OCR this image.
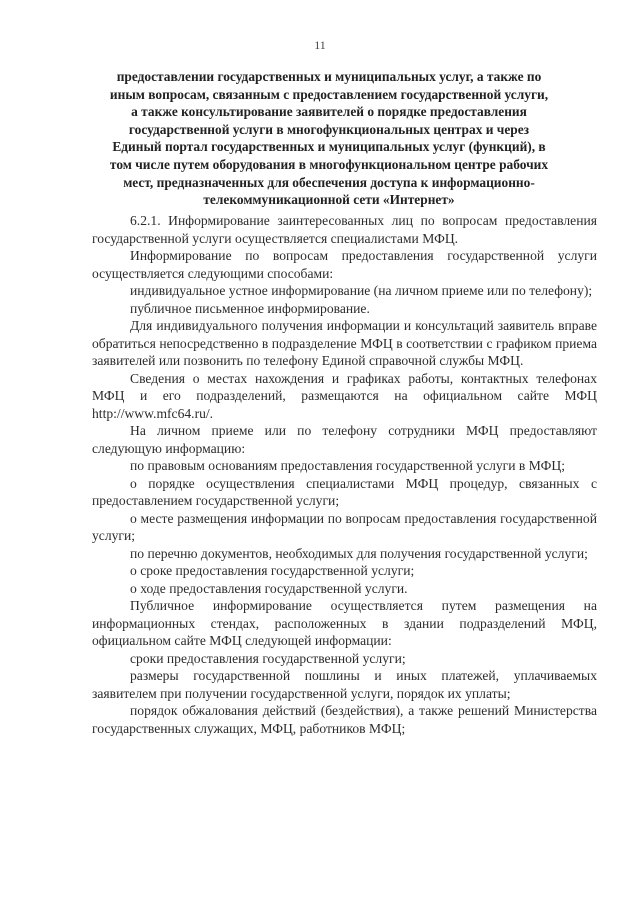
11
предоставлении государственных и муниципальных услуг, а также по
иным вопросам, связанным с предоставлением государственной услуги,
а также консультирование заявителей о порядке предоставления
государственной услуги в многофункциональных центрах и через
Единый портал государственных и муниципальных услуг (функций), в
том числе путем оборудования в многофункциональном центре рабочих
мест, предназначенных для обеспечения доступа к информационно-
телекоммуникационной сети «Интернет»

6.2.1. Информирование заинтересованных лиц по вопросам предоставления государственной услуги осуществляется специалистами МФЦ.

Информирование по вопросам предоставления государственной услуги осуществляется следующими способами:

индивидуальное устное информирование (на личном приеме или по телефону);

публичное письменное информирование.

Для индивидуального получения информации и консультаций заявитель вправе обратиться непосредственно в подразделение МФЦ в соответствии с графиком приема заявителей или позвонить по телефону Единой справочной службы МФЦ.

Сведения о местах нахождения и графиках работы, контактных телефонах МФЦ и его подразделений, размещаются на официальном сайте МФЦ http://www.mfc64.ru/.

На личном приеме или по телефону сотрудники МФЦ предоставляют следующую информацию:

по правовым основаниям предоставления государственной услуги в МФЦ;

о порядке осуществления специалистами МФЦ процедур, связанных с предоставлением государственной услуги;

о месте размещения информации по вопросам предоставления государственной услуги;

по перечню документов, необходимых для получения государственной услуги;

о сроке предоставления государственной услуги;

о ходе предоставления государственной услуги.

Публичное информирование осуществляется путем размещения на информационных стендах, расположенных в здании подразделений МФЦ, официальном сайте МФЦ следующей информации:

сроки предоставления государственной услуги;

размеры государственной пошлины и иных платежей, уплачиваемых заявителем при получении государственной услуги, порядок их уплаты;

порядок обжалования действий (бездействия), а также решений Министерства государственных служащих, МФЦ, работников МФЦ;
